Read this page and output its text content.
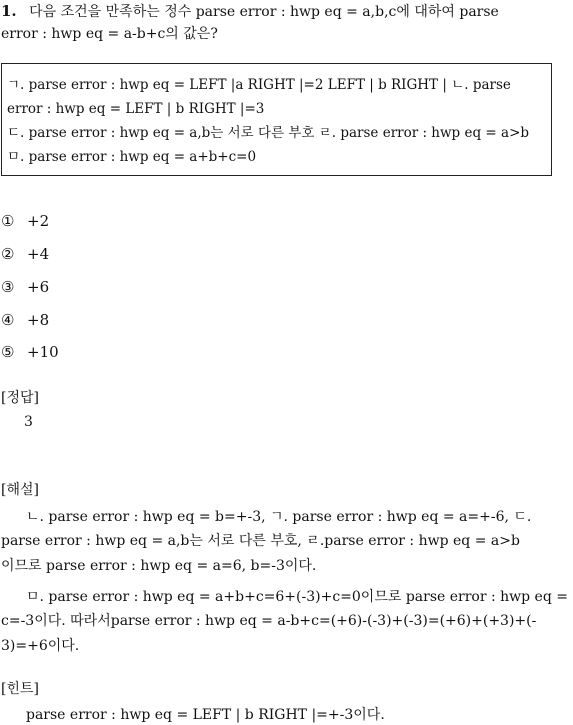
1. 다음 조건을 만족하는 정수 parse error : hwp eq = a,b,c에 대하여 parse
error : hwp eq = a-b+c의 값은?
ㄱ. parse error : hwp eq = LEFT |a RIGHT |=2 LEFT | b RIGHT | ㄴ. parse
error : hwp eq = LEFT | b RIGHT |=3
ㄷ. parse error : hwp eq = a,b는 서로 다른 부호 ㄹ. parse error : hwp eq = a>b
ㅁ. parse error : hwp eq = a+b+c=0
① +2
② +4
③ +6
④ +8
⑤ +10
[정답]
3
[해설]
ㄴ. parse error : hwp eq = b=+-3, ㄱ. parse error : hwp eq = a=+-6, ㄷ.
parse error : hwp eq = a,b는 서로 다른 부호, ㄹ.parse error : hwp eq = a>b
이므로 parse error : hwp eq = a=6, b=-3이다.
ㅁ. parse error : hwp eq = a+b+c=6+(-3)+c=0이므로 parse error : hwp eq =
c=-3이다. 따라서parse error : hwp eq = a-b+c=(+6)-(-3)+(-3)=(+6)+(+3)+(-
3)=+6이다.
[힌트]
parse error : hwp eq = LEFT | b RIGHT |=+-3이다.
